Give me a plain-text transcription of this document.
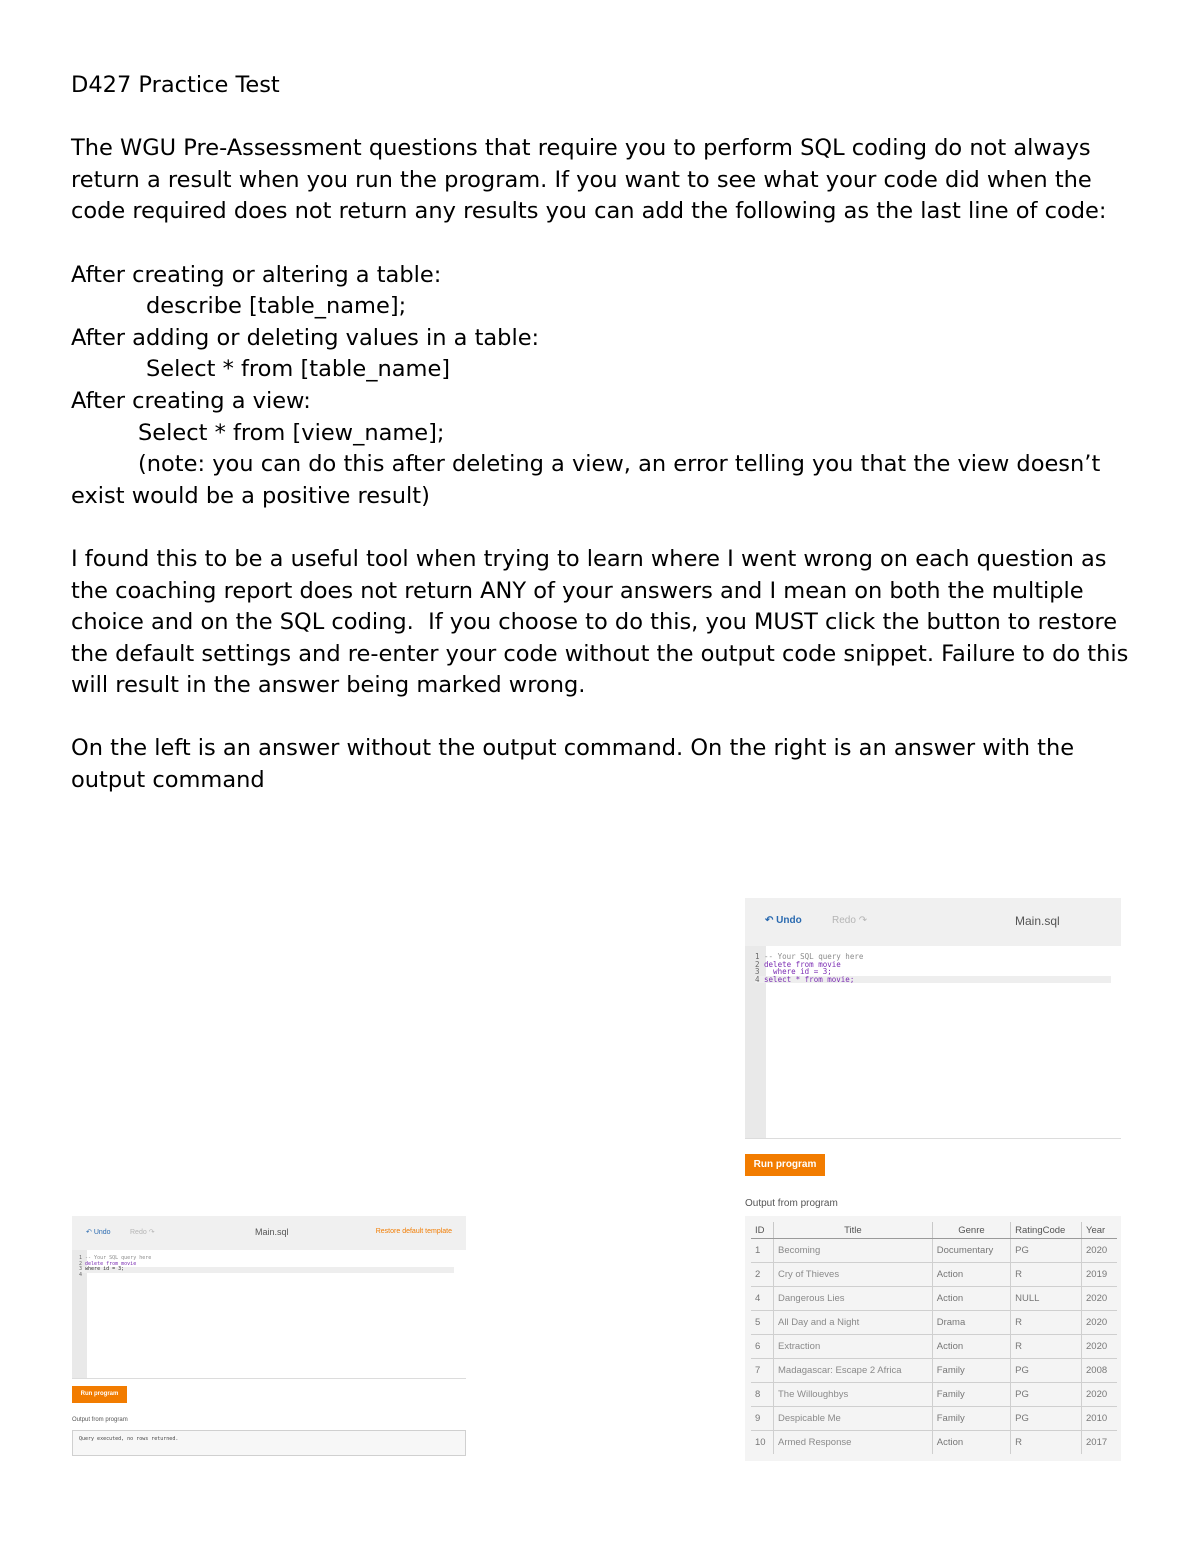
D427 Practice Test

The WGU Pre-Assessment questions that require you to perform SQL coding do not always return a result when you run the program. If you want to see what your code did when the code required does not return any results you can add the following as the last line of code:

After creating or altering a table:

describe [table_name];

After adding or deleting values in a table:

Select * from [table_name]

After creating a view:

Select * from [view_name];

(note: you can do this after deleting a view, an error telling you that the view doesn’t   exist would be a positive result)

I found this to be a useful tool when trying to learn where I went wrong on each question as the coaching report does not return ANY of your answers and I mean on both the multiple choice and on the SQL coding.  If you choose to do this, you MUST click the button to restore the default settings and re-enter your code without the output code snippet. Failure to do this will result in the answer being marked wrong.

On the left is an answer without the output command. On the right is an answer with the output command

↶ Undo	Redo ↷	Main.sql	Restore default template
1 -- Your SQL query here
2 delete from movie
3 where id = 3;
4
Run program
Output from program
Query executed, no rows returned.
↶ Undo	Redo ↷	Main.sql
1 -- Your SQL query here
2 delete from movie
3   where id = 3;
4 select * from movie;
Run program
Output from program
ID	Title	Genre	RatingCode	Year
1	Becoming	Documentary	PG	2020
2	Cry of Thieves	Action	R	2019
4	Dangerous Lies	Action	NULL	2020
5	All Day and a Night	Drama	R	2020
6	Extraction	Action	R	2020
7	Madagascar: Escape 2 Africa	Family	PG	2008
8	The Willoughbys	Family	PG	2020
9	Despicable Me	Family	PG	2010
10	Armed Response	Action	R	2017
